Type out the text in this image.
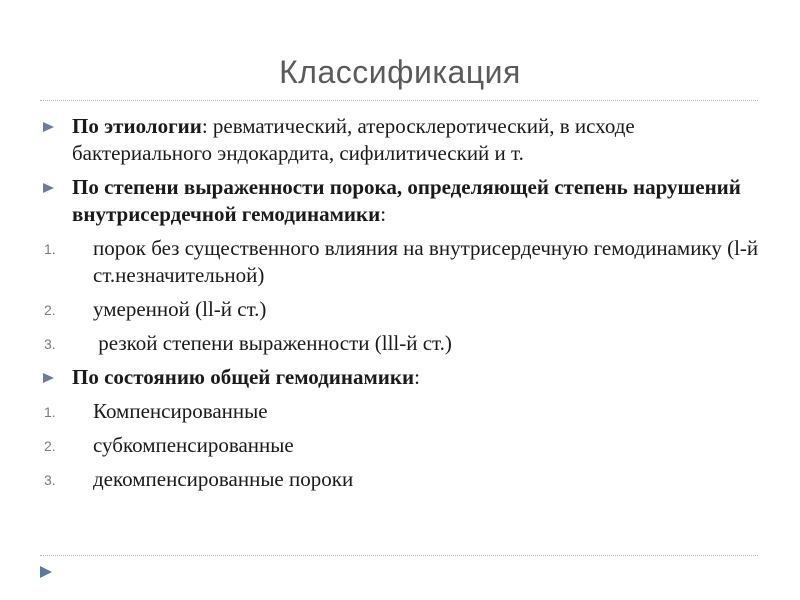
Классификация
По этиологии: ревматический, атеросклеротический, в исходе бактериального эндокардита, сифилитический и т.
По степени выраженности порока, определяющей степень нарушений внутрисердечной гемодинамики:
1. порок без существенного влияния на внутрисердечную гемодинамику (l-й ст.незначительной)
2. умеренной (ll-й ст.)
3. резкой степени выраженности (lll-й ст.)
По состоянию общей гемодинамики:
1. Компенсированные
2. субкомпенсированные
3. декомпенсированные пороки
